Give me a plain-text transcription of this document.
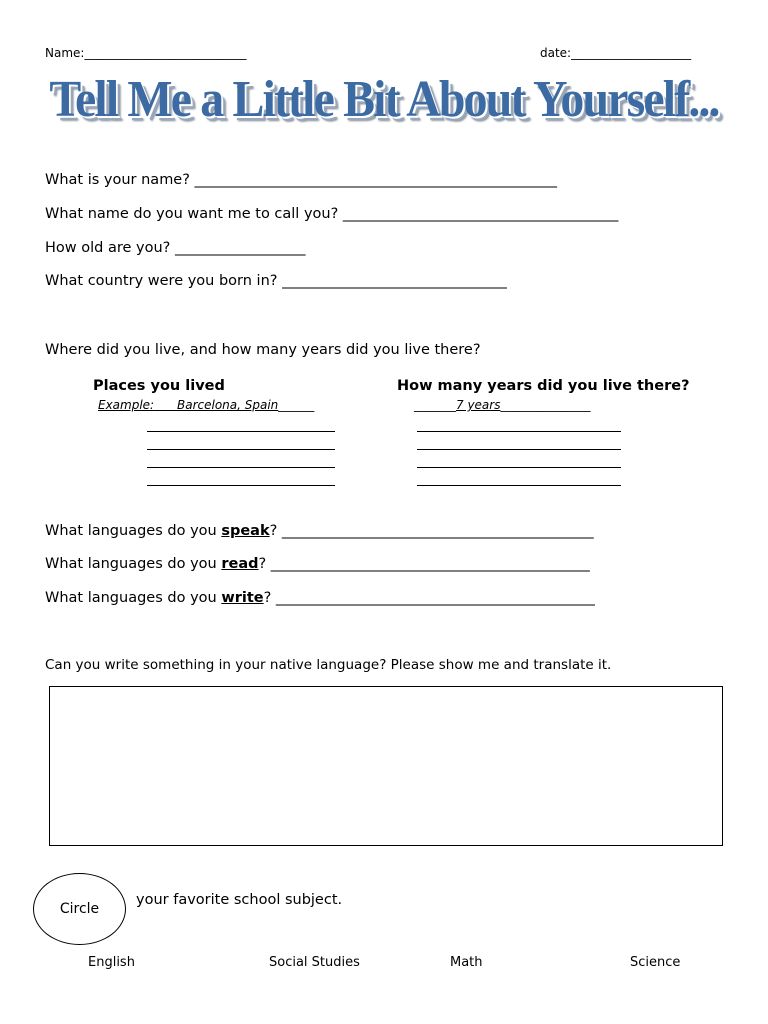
Name:___________________________	date:____________________
Tell Me a Little Bit About Yourself...
What is your name? __________________________________________________
What name do you want me to call you? ______________________________________
How old are you? __________________
What country were you born in? _______________________________
Where did you live, and how many years did you live there?
Places you lived	How many years did you live there?
Example: Barcelona, Spain______	_______7 years_______________
What languages do you speak? ___________________________________________
What languages do you read? ____________________________________________
What languages do you write? ____________________________________________
Can you write something in your native language? Please show me and translate it.
Circle
your favorite school subject.
English	Social Studies	Math	Science
